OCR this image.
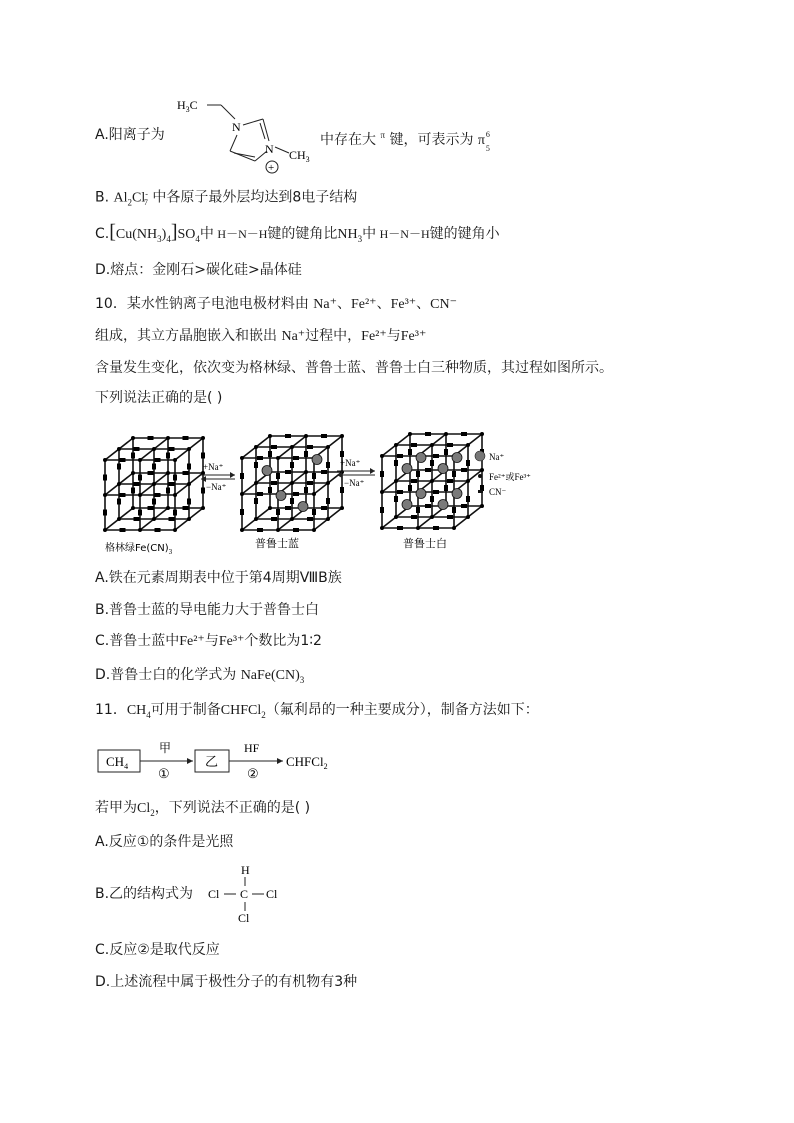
A.阳离子为
$H_3C$
N
N $CH_3$
+
中存在大 $^\pi$ 键，可表示为 π 6
5
B. $Al_2Cl^-_7$ 中各原子最外层均达到8电子结构
$C.[Cu(NH_3)_4]SO_4$中 H－N－H键的键角比$NH_3$中 H－N－H键的键角小
D.熔点：金刚石>碳化硅>晶体硅
10．某水性钠离子电池电极材料由 Na⁺、Fe²⁺、Fe³⁺、CN⁻
组成，其立方晶胞嵌入和嵌出 Na⁺过程中，Fe²⁺与Fe³⁺
含量发生变化，依次变为格林绿、普鲁士蓝、普鲁士白三种物质，其过程如图所示。
下列说法正确的是( )
+Na⁺
−Na⁺
+Na⁺
−Na⁺
Na⁺
Fe²⁺或Fe³⁺
CN⁻
格林绿$Fe(CN)_3$
普鲁士蓝	普鲁士白
A.铁在元素周期表中位于第4周期ⅧB族
B.普鲁士蓝的导电能力大于普鲁士白
C.普鲁士蓝中Fe²⁺与Fe³⁺个数比为1∶2
D.普鲁士白的化学式为 $NaFe(CN)_3$
11．$CH_4$可用于制备CHFCl$_2$（氟利昂的一种主要成分），制备方法如下：
$CH_4$
甲
①
乙
HF
②
CHFCl$_2$
若甲为$Cl_2$，下列说法不正确的是( )
A.反应①的条件是光照
B.乙的结构式为
H
Cl C Cl
Cl
C.反应②是取代反应
D.上述流程中属于极性分子的有机物有3种
